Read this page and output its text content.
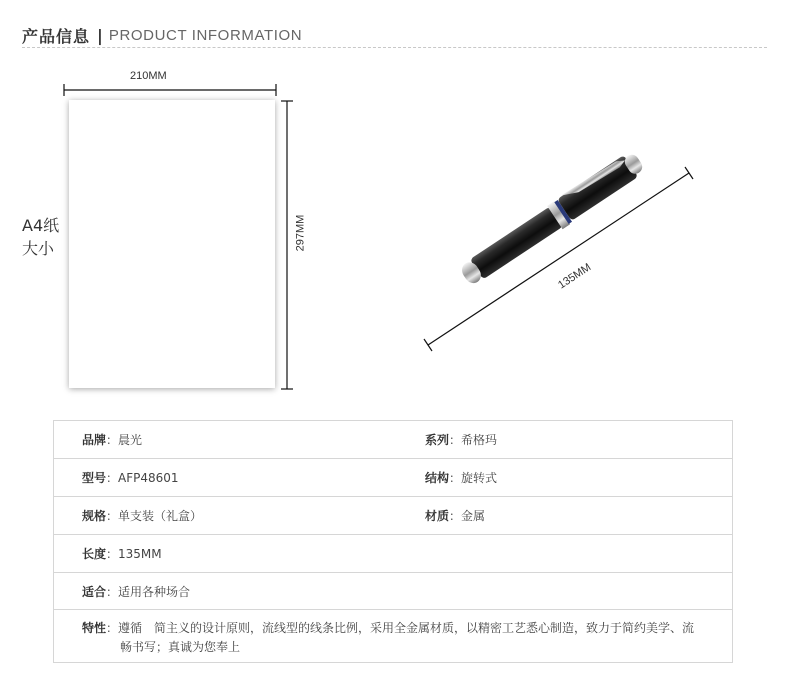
产品信息 | PRODUCT INFORMATION
A4纸
大小
210MM
297MM
135MM
品牌 ： 晨光	系列 ： 希格玛
型号 ： AFP48601	结构 ： 旋转式
规格 ： 单支装（礼盒）	材质 ： 金属
长度 ： 135MM
适合 ： 适用各种场合
特性：遵循　简主义的设计原则，流线型的线条比例，采用全金属材质，以精密工艺悉心制造，致力于简约美学、流
畅书写；真诚为您奉上
